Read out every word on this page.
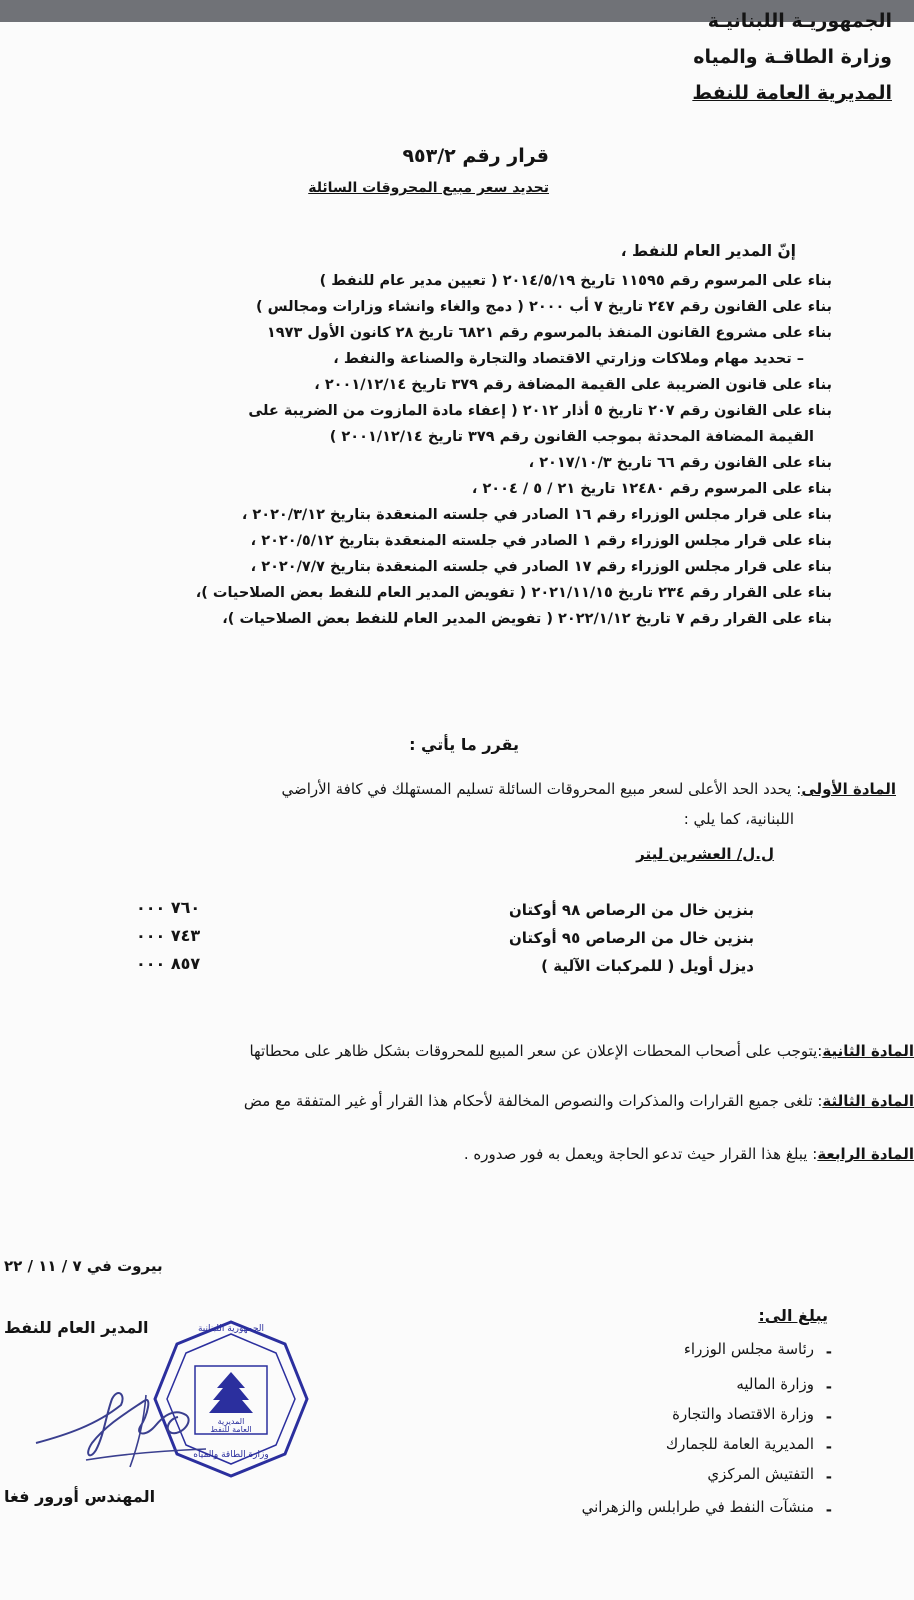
الجمهوريـة اللبنانيـة
وزارة الطاقـة والمياه
المديرية العامة للنفط
قرار رقم ٩٥٣/٢
تحديد سعر مبيع المحروقات السائلة
إنّ المدير العام للنفط ،
بناء على المرسوم رقم ١١٥٩٥ تاريخ ٢٠١٤/٥/١٩ ( تعيين مدير عام للنفط )
بناء على القانون رقم ٢٤٧ تاريخ ٧ أب ٢٠٠٠ ( دمج والغاء وانشاء وزارات ومجالس )
بناء على مشروع القانون المنفذ بالمرسوم رقم ٦٨٢١ تاريخ ٢٨ كانون الأول ١٩٧٣
– تحديد مهام وملاكات وزارتي الاقتصاد والتجارة والصناعة والنفط ،
بناء على قانون الضريبة على القيمة المضافة رقم ٣٧٩ تاريخ ٢٠٠١/١٢/١٤ ،
بناء على القانون رقم ٢٠٧ تاريخ ٥ أذار ٢٠١٢ ( إعفاء مادة المازوت من الضريبة على
القيمة المضافة المحدثة بموجب القانون رقم ٣٧٩ تاريخ ٢٠٠١/١٢/١٤ )
بناء على القانون رقم ٦٦ تاريخ ٢٠١٧/١٠/٣ ،
بناء على المرسوم رقم ١٢٤٨٠ تاريخ ٢١ / ٥ / ٢٠٠٤ ،
بناء على قرار مجلس الوزراء رقم ١٦ الصادر في جلسته المنعقدة بتاريخ ٢٠٢٠/٣/١٢ ،
بناء على قرار مجلس الوزراء رقم ١ الصادر في جلسته المنعقدة بتاريخ ٢٠٢٠/٥/١٢ ،
بناء على قرار مجلس الوزراء رقم ١٧ الصادر في جلسته المنعقدة بتاريخ ٢٠٢٠/٧/٧ ،
بناء على القرار رقم ٢٣٤ تاريخ ٢٠٢١/١١/١٥ ( تفويض المدير العام للنفط بعض الصلاحيات )،
بناء على القرار رقم ٧ تاريخ ٢٠٢٢/١/١٢ ( تفويض المدير العام للنفط بعض الصلاحيات )،
يقرر ما يأتي :
المادة الأولى: يحدد الحد الأعلى لسعر مبيع المحروقات السائلة تسليم المستهلك في كافة الأراضي
اللبنانية، كما يلي :
ل.ل/ العشرين ليتر
بنزين خال من الرصاص ٩٨ أوكتان
٧٦٠ ٠٠٠
بنزين خال من الرصاص ٩٥ أوكتان
٧٤٣ ٠٠٠
ديزل أويل ( للمركبات الآلية )
٨٥٧ ٠٠٠
المادة الثانية:يتوجب على أصحاب المحطات الإعلان عن سعر المبيع للمحروقات بشكل ظاهر على محطاتها
المادة الثالثة: تلغى جميع القرارات والمذكرات والنصوص المخالفة لأحكام هذا القرار أو غير المتفقة مع مض
المادة الرابعة: يبلغ هذا القرار حيث تدعو الحاجة ويعمل به فور صدوره .
بيروت في ٧ / ١١ / ٢٢
المدير العام للنفط
المهندس أورور فغا
الجمهورية اللبنانية
المديرية
العامة للنفط
وزارة الطاقة والمياه
يبلغ الى:
رئاسة مجلس الوزراء -
وزارة الماليه -
وزارة الاقتصاد والتجارة -
المديرية العامة للجمارك -
التفتيش المركزي -
منشآت النفط في طرابلس والزهراني -
